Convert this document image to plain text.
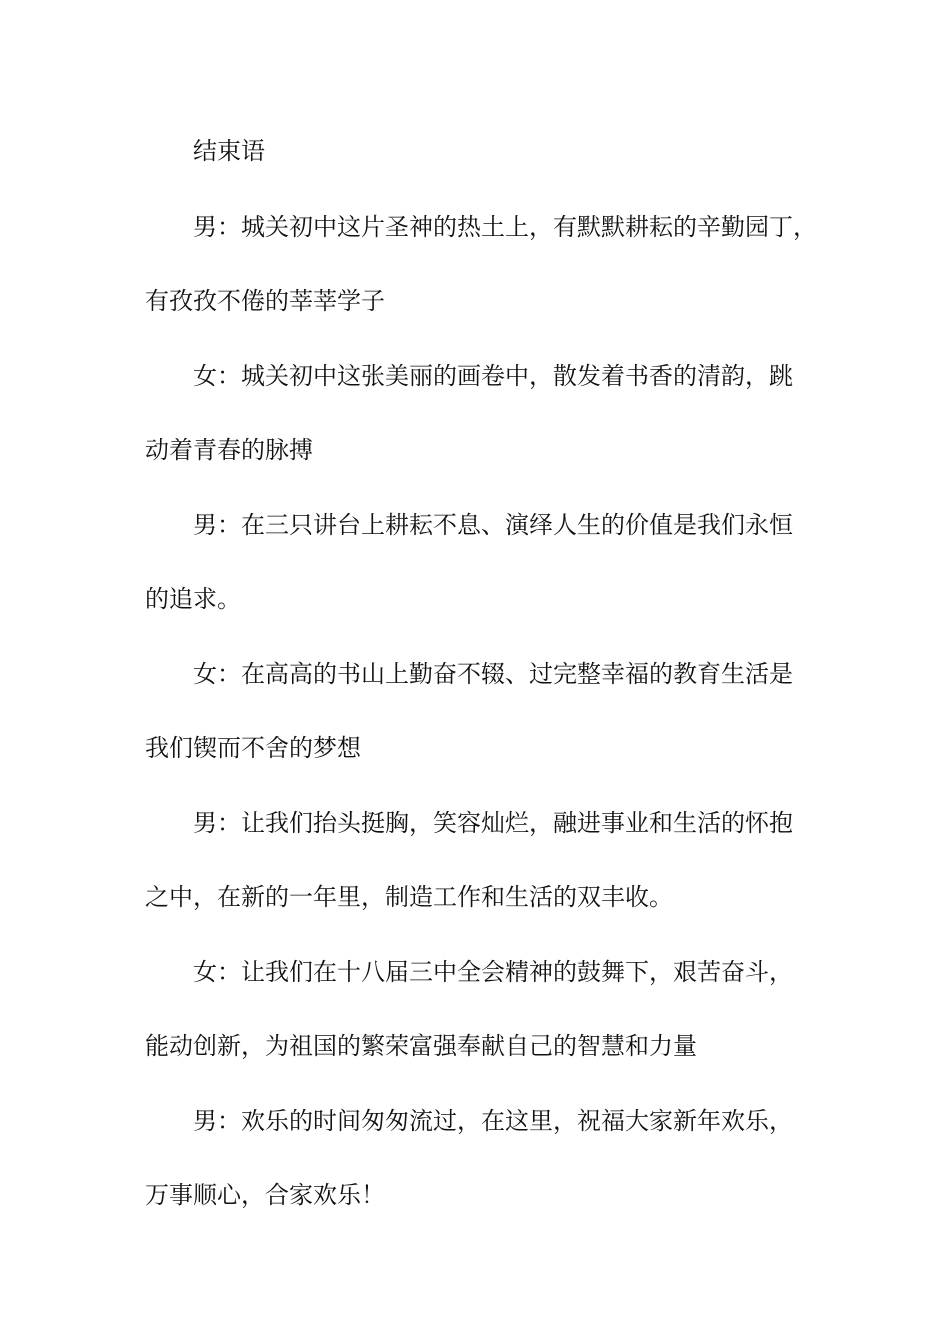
结束语
男：城关初中这片圣神的热土上，有默默耕耘的辛勤园丁，
有孜孜不倦的莘莘学子
女：城关初中这张美丽的画卷中，散发着书香的清韵，跳
动着青春的脉搏
男：在三只讲台上耕耘不息、演绎人生的价值是我们永恒
的追求。
女：在高高的书山上勤奋不辍、过完整幸福的教育生活是
我们锲而不舍的梦想
男：让我们抬头挺胸，笑容灿烂，融进事业和生活的怀抱
之中，在新的一年里，制造工作和生活的双丰收。
女：让我们在十八届三中全会精神的鼓舞下，艰苦奋斗，
能动创新，为祖国的繁荣富强奉献自己的智慧和力量
男：欢乐的时间匆匆流过，在这里，祝福大家新年欢乐，
万事顺心，合家欢乐！
